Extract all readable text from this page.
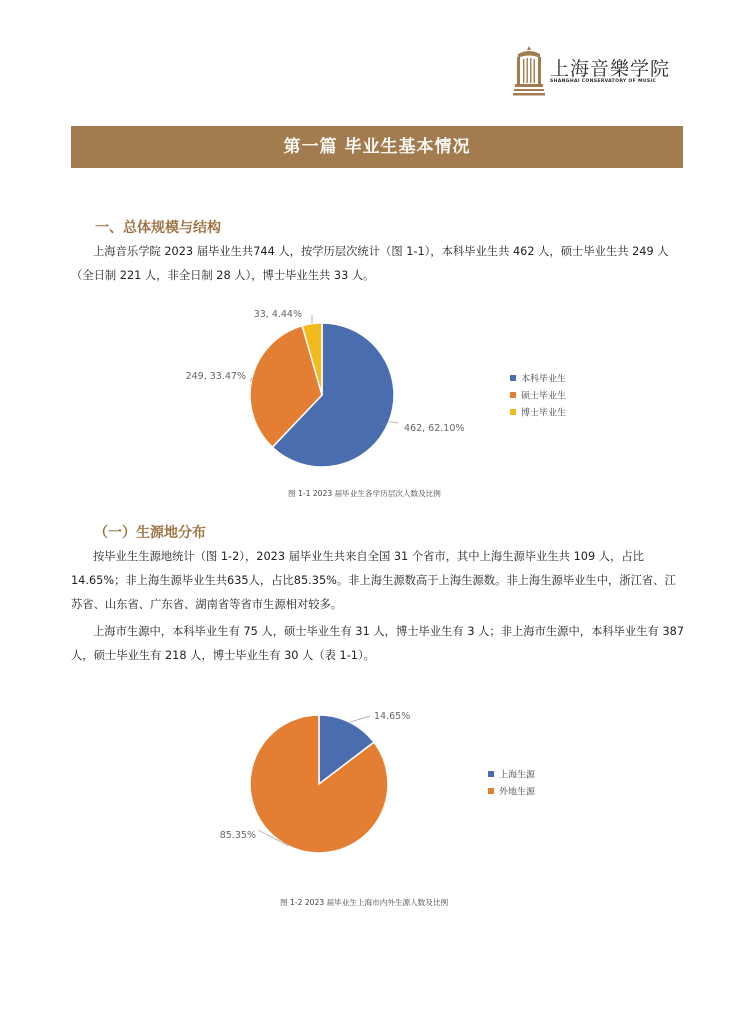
上海音樂学院
SHANGHAI CONSERVATORY OF MUSIC
第一篇 毕业生基本情况
一、总体规模与结构
上海音乐学院 2023 届毕业生共744 人，按学历层次统计（图 1-1），本科毕业生共 462 人，硕士毕业生共 249 人（全日制 221 人，非全日制 28 人），博士毕业生共 33 人。
462, 62.10%
249, 33.47%
33, 4.44%
本科毕业生
硕士毕业生
博士毕业生
图 1-1 2023 届毕业生各学历层次人数及比例
（一）生源地分布
按毕业生生源地统计（图 1-2），2023 届毕业生共来自全国 31 个省市，其中上海生源毕业生共 109 人，占比 14.65%；非上海生源毕业生共635人，占比85.35%。非上海生源数高于上海生源数。非上海生源毕业生中，浙江省、江苏省、山东省、广东省、湖南省等省市生源相对较多。
上海市生源中，本科毕业生有 75 人，硕士毕业生有 31 人，博士毕业生有 3 人；非上海市生源中，本科毕业生有 387 人，硕士毕业生有 218 人，博士毕业生有 30 人（表 1-1）。
14.65%
85.35%
上海生源
外地生源
图 1-2 2023 届毕业生上海市内外生源人数及比例
